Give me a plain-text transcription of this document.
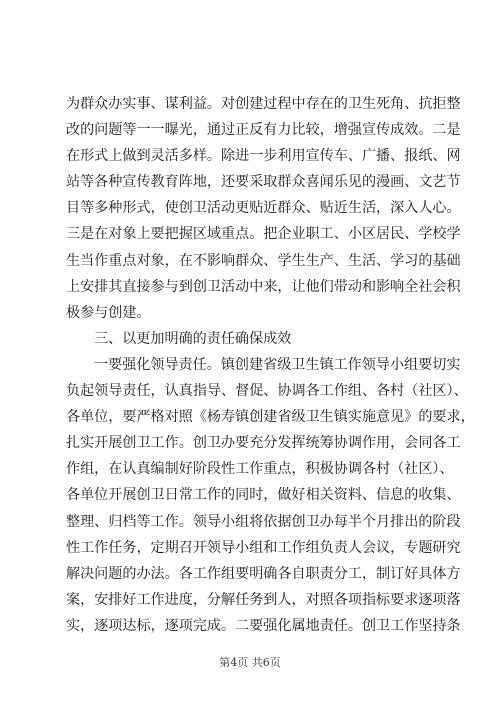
为群众办实事、谋利益。对创建过程中存在的卫生死角、抗拒整
改的问题等一一曝光，通过正反有力比较，增强宣传成效。二是
在形式上做到灵活多样。除进一步利用宣传车、广播、报纸、网
站等各种宣传教育阵地，还要采取群众喜闻乐见的漫画、文艺节
目等多种形式，使创卫活动更贴近群众、贴近生活，深入人心。
三是在对象上要把握区域重点。把企业职工、小区居民、学校学
生当作重点对象，在不影响群众、学生生产、生活、学习的基础
上安排其直接参与到创卫活动中来，让他们带动和影响全社会积
极参与创建。
三、以更加明确的责任确保成效
一要强化领导责任。镇创建省级卫生镇工作领导小组要切实
负起领导责任，认真指导、督促、协调各工作组、各村（社区）、
各单位，要严格对照《杨寿镇创建省级卫生镇实施意见》的要求，
扎实开展创卫工作。创卫办要充分发挥统筹协调作用，会同各工
作组，在认真编制好阶段性工作重点，积极协调各村（社区）、
各单位开展创卫日常工作的同时，做好相关资料、信息的收集、
整理、归档等工作。领导小组将依据创卫办每半个月排出的阶段
性工作任务，定期召开领导小组和工作组负责人会议，专题研究
解决问题的办法。各工作组要明确各自职责分工，制订好具体方
案，安排好工作进度，分解任务到人，对照各项指标要求逐项落
实，逐项达标，逐项完成。二要强化属地责任。创卫工作坚持条
第4页 共6页
